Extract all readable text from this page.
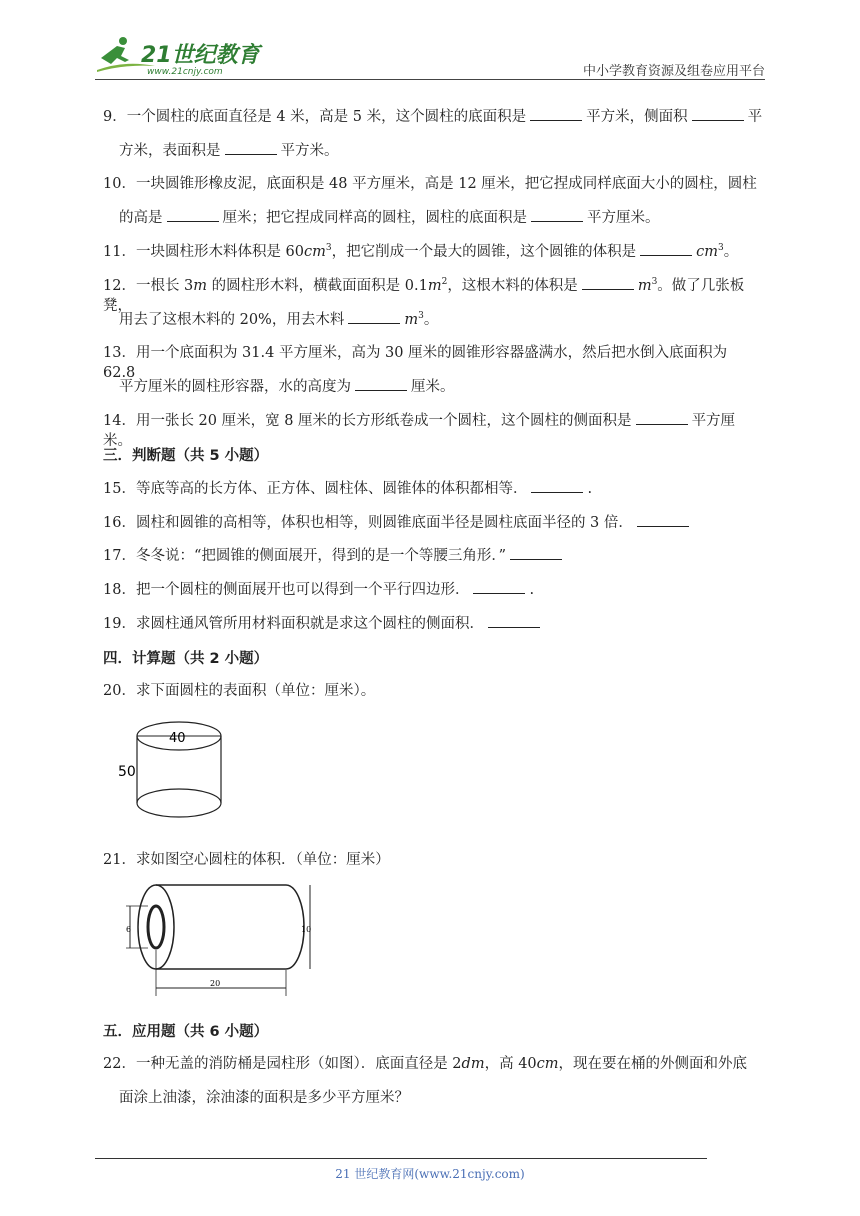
21世纪教育
www.21cnjy.com	中小学教育资源及组卷应用平台
9．一个圆柱的底面直径是 4 米，高是 5 米，这个圆柱的底面积是	平方米，侧面积	平
方米，表面积是	平方米。
10．一块圆锥形橡皮泥，底面积是 48 平方厘米，高是 12 厘米，把它捏成同样底面大小的圆柱，圆柱
的高是	厘米；把它捏成同样高的圆柱，圆柱的底面积是	平方厘米。
11．一块圆柱形木料体积是 $60cm^3$，把它削成一个最大的圆锥，这个圆锥的体积是	$cm^3$。
12．一根长 3m 的圆柱形木料，横截面面积是 $0.1m^2$，这根木料的体积是	$m^3$。做了几张板凳，
用去了这根木料的 20%，用去木料	$m^3$。
13．用一个底面积为 31.4 平方厘米，高为 30 厘米的圆锥形容器盛满水，然后把水倒入底面积为 62.8
平方厘米的圆柱形容器，水的高度为	厘米。
14．用一张长 20 厘米，宽 8 厘米的长方形纸卷成一个圆柱，这个圆柱的侧面积是	平方厘米。
三．判断题（共 5 小题）
15．等底等高的长方体、正方体、圆柱体、圆锥体的体积都相等．	.
16．圆柱和圆锥的高相等，体积也相等，则圆锥底面半径是圆柱底面半径的 3 倍．
17．冬冬说：“把圆锥的侧面展开，得到的是一个等腰三角形．”
18．把一个圆柱的侧面展开也可以得到一个平行四边形．	.
19．求圆柱通风管所用材料面积就是求这个圆柱的侧面积．
四．计算题（共 2 小题）
20．求下面圆柱的表面积（单位：厘米）。
40
50
21．求如图空心圆柱的体积．（单位：厘米）
6	10
20
五．应用题（共 6 小题）
22．一种无盖的消防桶是园柱形（如图）．底面直径是 2dm，高 40cm，现在要在桶的外侧面和外底
面涂上油漆，涂油漆的面积是多少平方厘米？
21 世纪教育网(www.21cnjy.com)
